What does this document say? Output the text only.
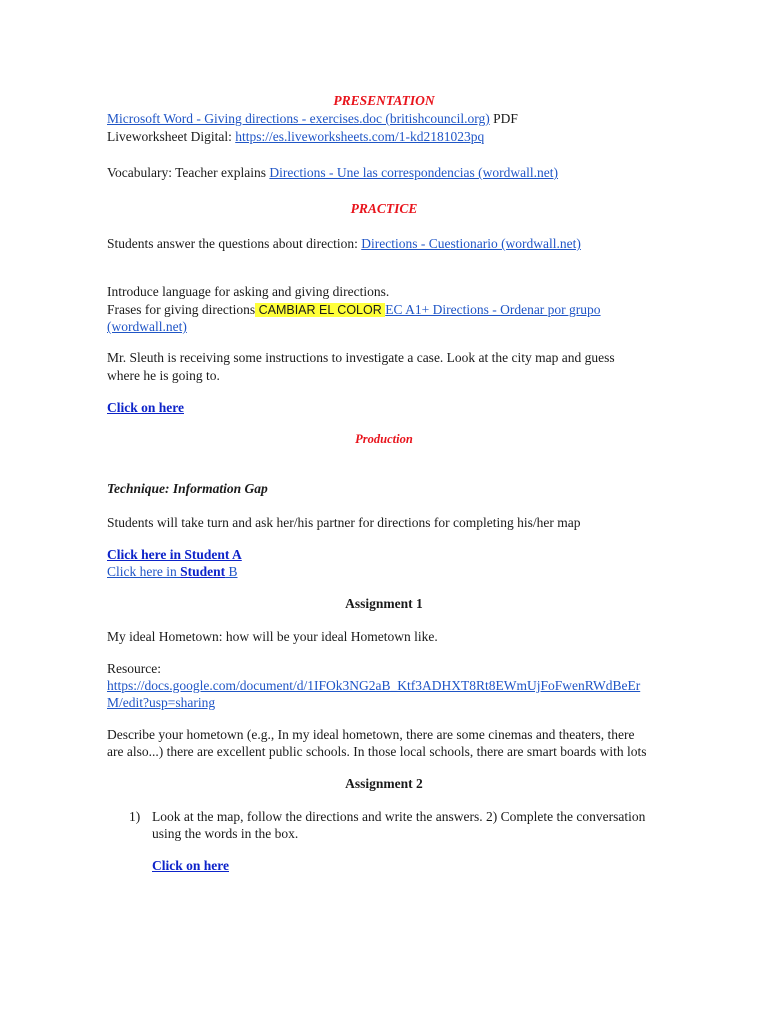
PRESENTATION
Microsoft Word - Giving directions - exercises.doc (britishcouncil.org) PDF
Liveworksheet Digital: https://es.liveworksheets.com/1-kd2181023pq
Vocabulary: Teacher explains Directions - Une las correspondencias (wordwall.net)
PRACTICE
Students answer the questions about direction: Directions - Cuestionario (wordwall.net)
Introduce language for asking and giving directions.
Frases for giving directions CAMBIAR EL COLOR EC A1+ Directions - Ordenar por grupo
(wordwall.net)
Mr. Sleuth is receiving some instructions to investigate a case. Look at the city map and guess
where he is going to.
Click on here
Production
Technique: Information Gap
Students will take turn and ask her/his partner for directions for completing his/her map
Click here in Student A
Click here in Student B
Assignment 1
My ideal Hometown: how will be your ideal Hometown like.
Resource:
https://docs.google.com/document/d/1IFOk3NG2aB_Ktf3ADHXT8Rt8EWmUjFoFwenRWdBeEr
M/edit?usp=sharing
Describe your hometown (e.g., In my ideal hometown, there are some cinemas and theaters, there
are also...) there are excellent public schools. In those local schools, there are smart boards with lots
Assignment 2
1) Look at the map, follow the directions and write the answers. 2) Complete the conversation
using the words in the box.
Click on here
